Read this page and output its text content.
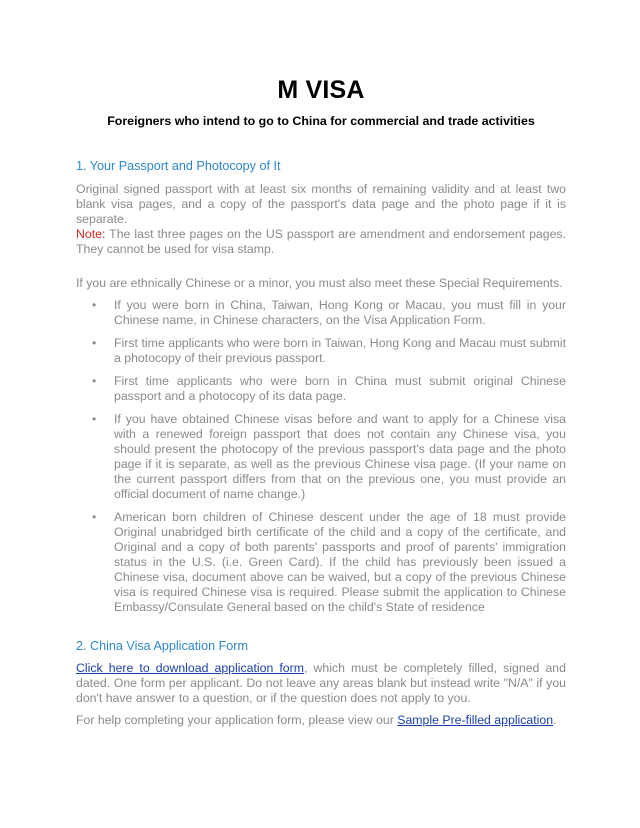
M VISA
Foreigners who intend to go to China for commercial and trade activities
1. Your Passport and Photocopy of It
Original signed passport with at least six months of remaining validity and at least two blank visa pages, and a copy of the passport's data page and the photo page if it is separate.
Note: The last three pages on the US passport are amendment and endorsement pages. They cannot be used for visa stamp.
If you are ethnically Chinese or a minor, you must also meet these Special Requirements.
• If you were born in China, Taiwan, Hong Kong or Macau, you must fill in your Chinese name, in Chinese characters, on the Visa Application Form.
• First time applicants who were born in Taiwan, Hong Kong and Macau must submit a photocopy of their previous passport.
• First time applicants who were born in China must submit original Chinese passport and a photocopy of its data page.
• If you have obtained Chinese visas before and want to apply for a Chinese visa with a renewed foreign passport that does not contain any Chinese visa, you should present the photocopy of the previous passport's data page and the photo page if it is separate, as well as the previous Chinese visa page. (If your name on the current passport differs from that on the previous one, you must provide an official document of name change.)
• American born children of Chinese descent under the age of 18 must provide Original unabridged birth certificate of the child and a copy of the certificate, and Original and a copy of both parents' passports and proof of parents' immigration status in the U.S. (i.e. Green Card). If the child has previously been issued a Chinese visa, document above can be waived, but a copy of the previous Chinese visa is required Chinese visa is required. Please submit the application to Chinese Embassy/Consulate General based on the child's State of residence
2. China Visa Application Form
Click here to download application form, which must be completely filled, signed and dated. One form per applicant. Do not leave any areas blank but instead write "N/A" if you don't have answer to a question, or if the question does not apply to you.
For help completing your application form, please view our Sample Pre-filled application.
